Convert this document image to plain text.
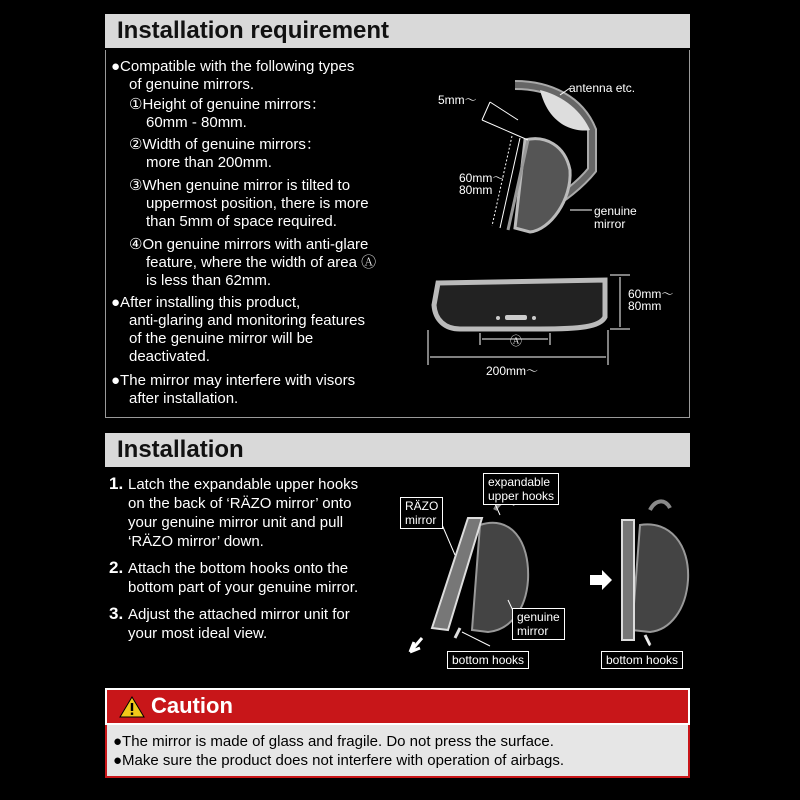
Installation requirement
●Compatible with the following types
of genuine mirrors.
①Height of genuine mirrors：
60mm - 80mm.
②Width of genuine mirrors：
more than 200mm.
③When genuine mirror is tilted to
uppermost position, there is more
than 5mm of space required.
④On genuine mirrors with anti-glare
feature, where the width of area Ⓐ
is less than 62mm.
●After installing this product,
anti-glaring and monitoring features
of the genuine mirror will be
deactivated.
●The mirror may interfere with visors
after installation.
5mm〜
antenna etc.
60mm〜
80mm
genuine
mirror
60mm〜
80mm
Ⓐ
200mm〜
Installation
1. Latch the expandable upper hooks
on the back of ‘RÄZO mirror’ onto
your genuine mirror unit and pull
‘RÄZO mirror’ down.
2. Attach the bottom hooks onto the
bottom part of your genuine mirror.
3. Adjust the attached mirror unit for
your most ideal view.
RÄZO
mirror
expandable
upper hooks
genuine
mirror
bottom hooks	bottom hooks
Caution
●The mirror is made of glass and fragile. Do not press the surface.
●Make sure the product does not interfere with operation of airbags.
